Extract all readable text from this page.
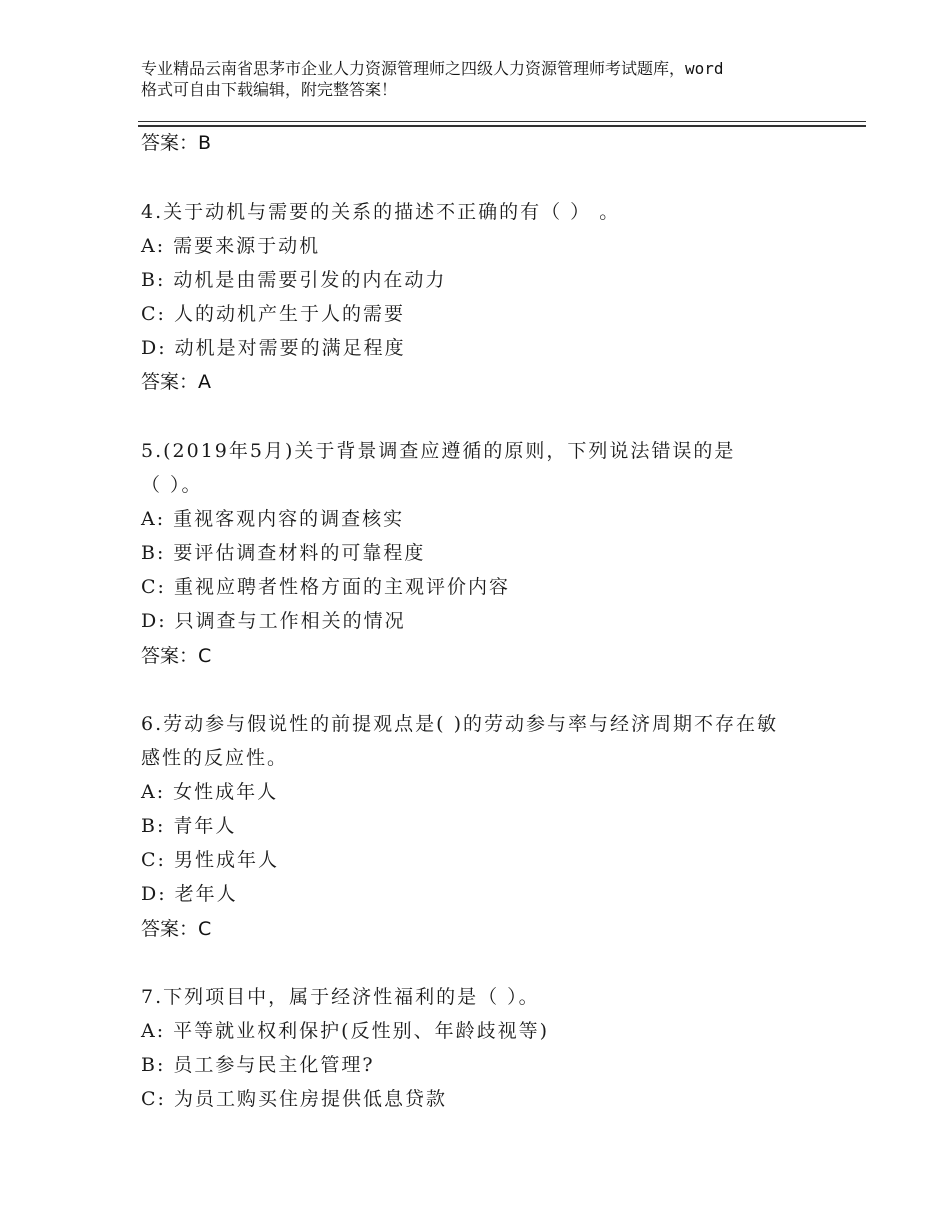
专业精品云南省思茅市企业人力资源管理师之四级人力资源管理师考试题库，word
格式可自由下载编辑，附完整答案！
答案：B
4.关于动机与需要的关系的描述不正确的有（ ） 。
A: 需要来源于动机
B: 动机是由需要引发的内在动力
C: 人的动机产生于人的需要
D: 动机是对需要的满足程度
答案：A
5.(2019年5月)关于背景调查应遵循的原则，下列说法错误的是
（ ）。
A: 重视客观内容的调查核实
B: 要评估调查材料的可靠程度
C: 重视应聘者性格方面的主观评价内容
D: 只调查与工作相关的情况
答案：C
6.劳动参与假说性的前提观点是( )的劳动参与率与经济周期不存在敏
感性的反应性。
A: 女性成年人
B: 青年人
C: 男性成年人
D: 老年人
答案：C
7.下列项目中，属于经济性福利的是（ ）。
A: 平等就业权利保护(反性别、年龄歧视等)
B: 员工参与民主化管理?
C: 为员工购买住房提供低息贷款
